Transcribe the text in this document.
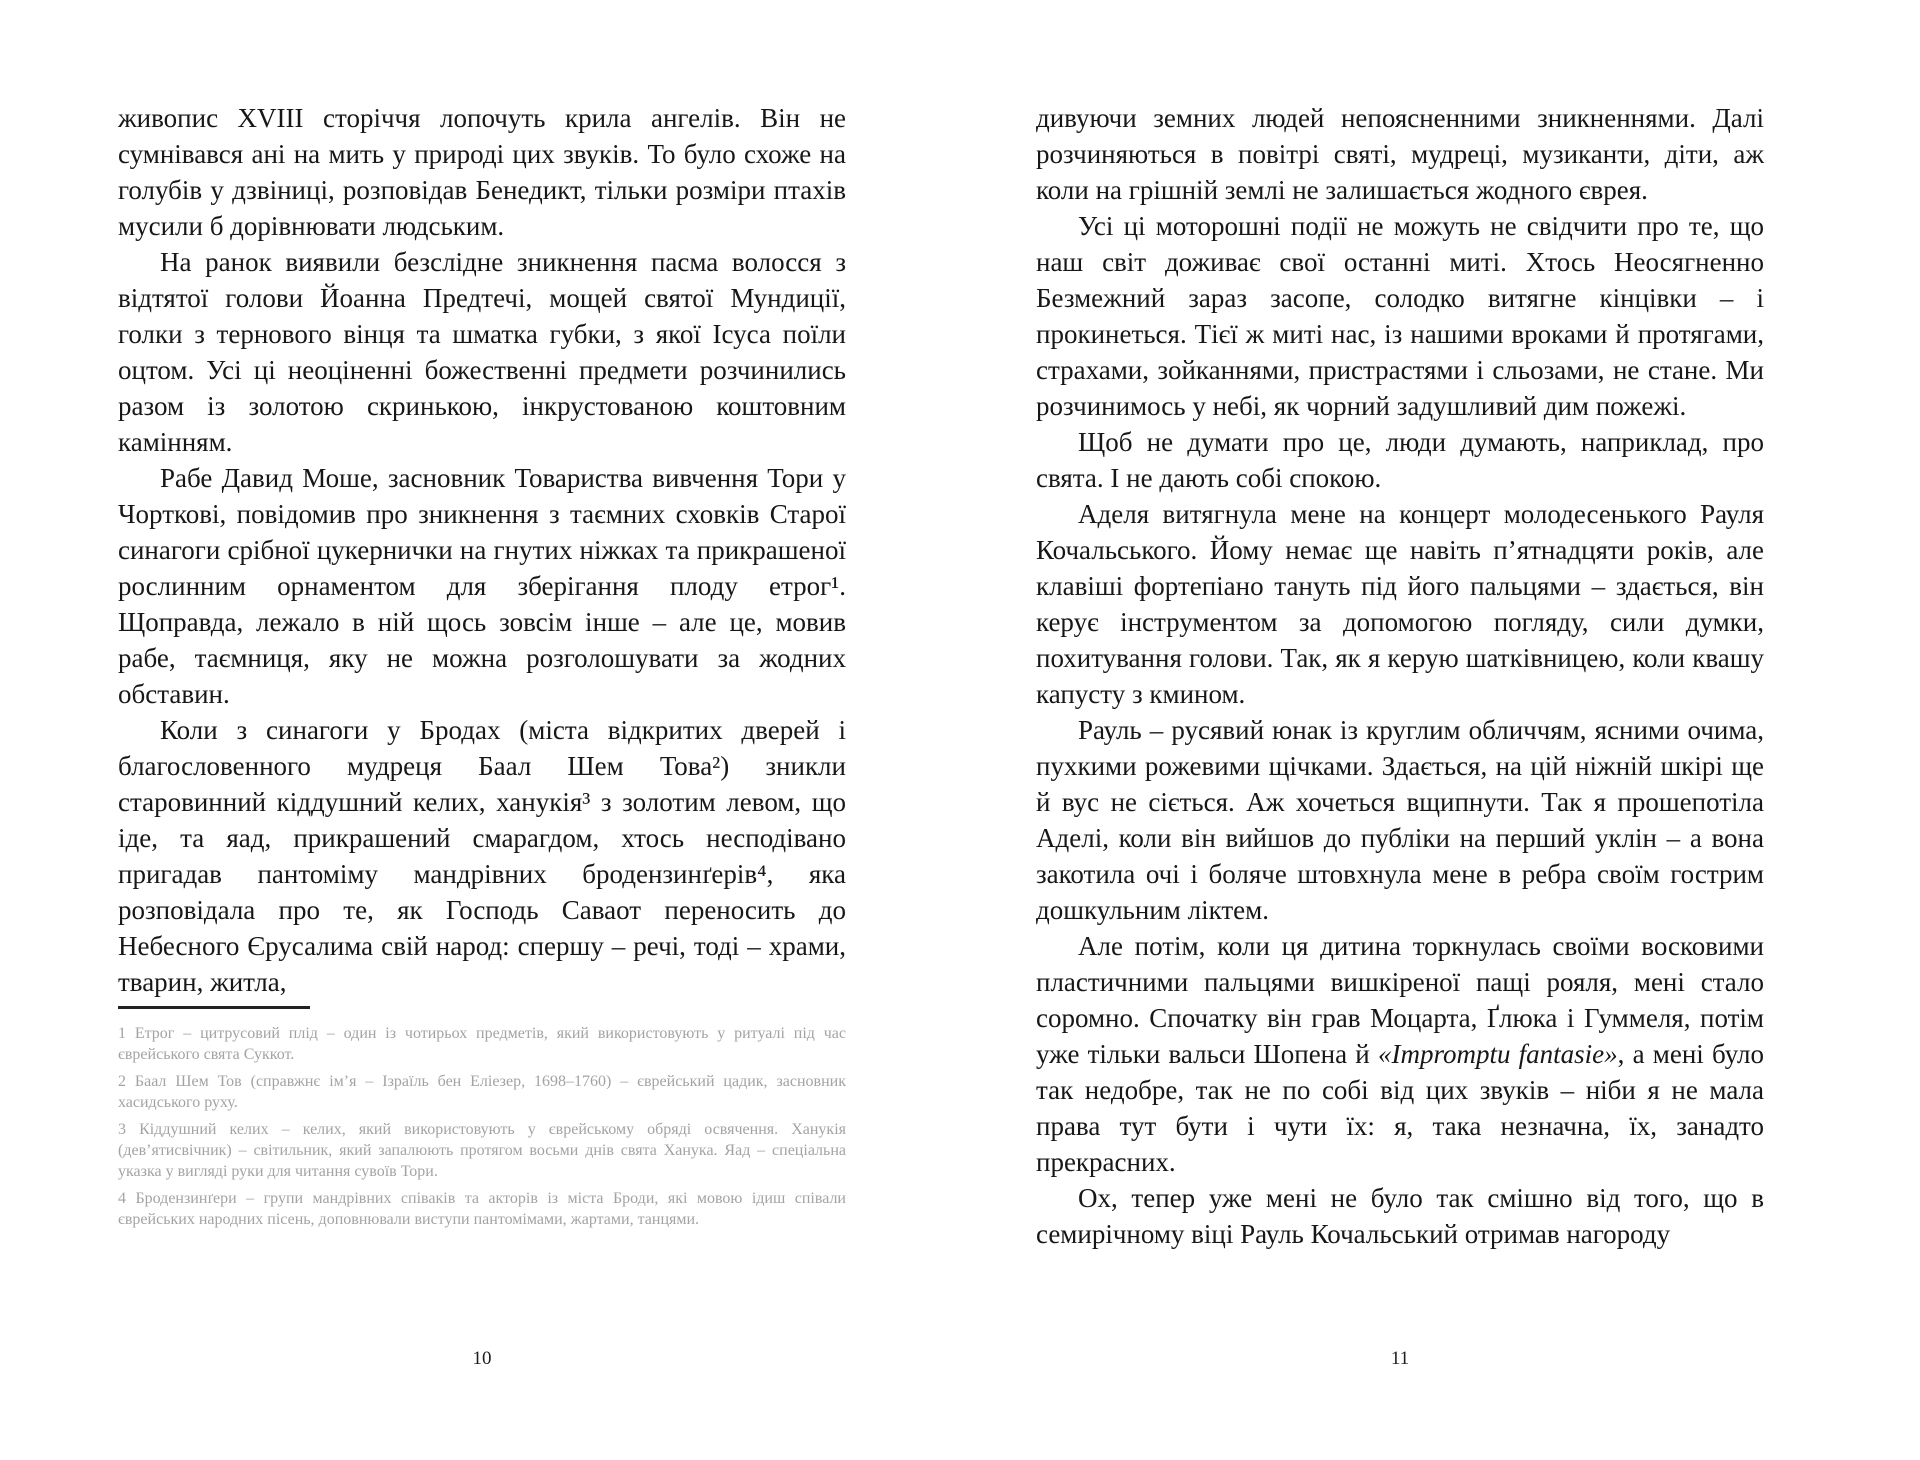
живопис XVIII сторіччя лопочуть крила ангелів. Він не сумнівався ані на мить у природі цих звуків. То було схоже на голубів у дзвіниці, розповідав Бенедикт, тільки розміри птахів мусили б дорівнювати людським.

На ранок виявили безслідне зникнення пасма волосся з відтятої голови Йоанна Предтечі, мощей святої Мундиції, голки з тернового вінця та шматка губки, з якої Ісуса поїли оцтом. Усі ці неоціненні божественні предмети розчинились разом із золотою скринькою, інкрустованою коштовним камінням.

Рабе Давид Моше, засновник Товариства вивчення Тори у Чорткові, повідомив про зникнення з таємних сховків Старої синагоги срібної цукернички на гнутих ніжках та прикрашеної рослинним орнаментом для зберігання плоду етрог¹. Щоправда, лежало в ній щось зовсім інше – але це, мовив рабе, таємниця, яку не можна розголошувати за жодних обставин.

Коли з синагоги у Бродах (міста відкритих дверей і благословенного мудреця Баал Шем Това²) зникли старовинний кіддушний келих, ханукія³ з золотим левом, що іде, та яад, прикрашений смарагдом, хтось несподівано пригадав пантоміму мандрівних бродензинґерів⁴, яка розповідала про те, як Господь Саваот переносить до Небесного Єрусалима свій народ: спершу – речі, тоді – храми, тварин, житла,

1 Етрог – цитрусовий плід – один із чотирьох предметів, який використовують у ритуалі під час єврейського свята Суккот.

2 Баал Шем Тов (справжнє ім’я – Ізраїль бен Еліезер, 1698–1760) – єврейський цадик, засновник хасидського руху.

3 Кіддушний келих – келих, який використовують у єврейському обряді освячення. Ханукія (дев’ятисвічник) – світильник, який запалюють протягом восьми днів свята Ханука. Яад – спеціальна указка у вигляді руки для читання сувоїв Тори.

4 Бродензинґери – групи мандрівних співаків та акторів із міста Броди, які мовою ідиш співали єврейських народних пісень, доповнювали виступи пантомімами, жартами, танцями.

10

дивуючи земних людей непоясненними зникненнями. Далі розчиняються в повітрі святі, мудреці, музиканти, діти, аж коли на грішній землі не залишається жодного єврея.

Усі ці моторошні події не можуть не свідчити про те, що наш світ доживає свої останні миті. Хтось Неосягненно Безмежний зараз засопе, солодко витягне кінцівки – і прокинеться. Тієї ж миті нас, із нашими вроками й протягами, страхами, зойканнями, пристрастями і сльозами, не стане. Ми розчинимось у небі, як чорний задушливий дим пожежі.

Щоб не думати про це, люди думають, наприклад, про свята. І не дають собі спокою.

Аделя витягнула мене на концерт молодесенького Рауля Кочальського. Йому немає ще навіть п’ятнадцяти років, але клавіші фортепіано тануть під його пальцями – здається, він керує інструментом за допомогою погляду, сили думки, похитування голови. Так, як я керую шатківницею, коли квашу капусту з кмином.

Рауль – русявий юнак із круглим обличчям, ясними очима, пухкими рожевими щічками. Здається, на цій ніжній шкірі ще й вус не сіється. Аж хочеться вщипнути. Так я прошепотіла Аделі, коли він вийшов до публіки на перший уклін – а вона закотила очі і боляче штовхнула мене в ребра своїм гострим дошкульним ліктем.

Але потім, коли ця дитина торкнулась своїми восковими пластичними пальцями вишкіреної пащі рояля, мені стало соромно. Спочатку він грав Моцарта, Ґлюка і Гуммеля, потім уже тільки вальси Шопена й «Impromptu fantasie», а мені було так недобре, так не по собі від цих звуків – ніби я не мала права тут бути і чути їх: я, така незначна, їх, занадто прекрасних.

Ох, тепер уже мені не було так смішно від того, що в семирічному віці Рауль Кочальський отримав нагороду

11
